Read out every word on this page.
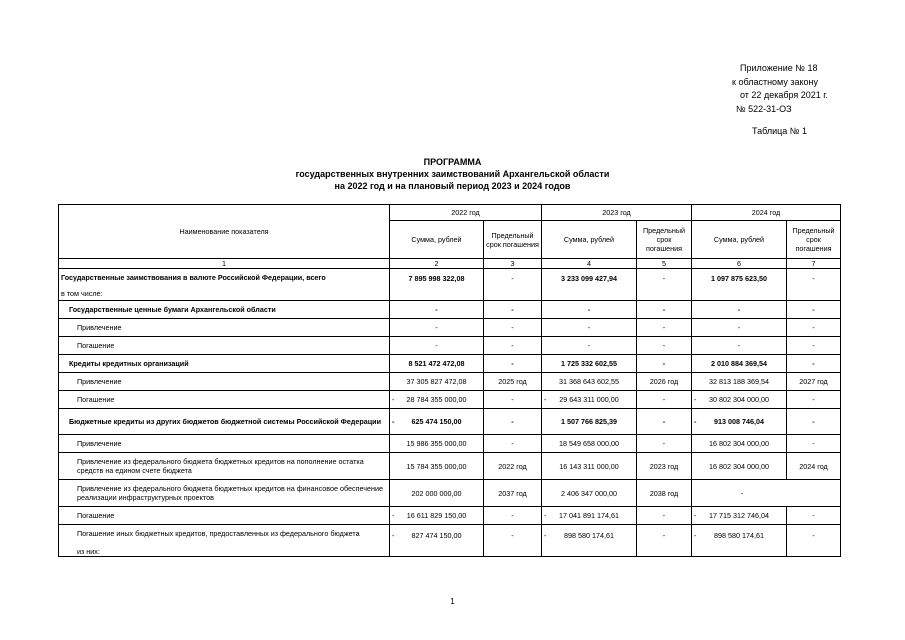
Приложение № 18
к областному закону
от 22 декабря 2021 г.
№ 522-31-ОЗ
Таблица № 1
ПРОГРАММА
государственных внутренних заимствований Архангельской области
на 2022 год и на плановый период 2023 и 2024 годов
Наименование показателя	2022 год		2023 год		2024 год	
	Сумма, рублей	Предельный срок погашения	Сумма, рублей	Предельный срок погашения	Сумма, рублей	Предельный срок погашения
1	2	3	4	5	6	7
Государственные заимствования в валюте Российской Федерации, всего	7 895 998 322,08	-	3 233 099 427,94	-	1 097 875 623,50	-
в том числе:						
Государственные ценные бумаги Архангельской области	-	-	-	-	-	-
Привлечение	-	-	-	-	-	-
Погашение	-	-	-	-	-	-
Кредиты кредитных организаций	8 521 472 472,08	-	1 725 332 602,55	-	2 010 884 369,54	-
Привлечение	37 305 827 472,08	2025 год	31 368 643 602,55	2026 год	32 813 188 369,54	2027 год
Погашение	- 28 784 355 000,00	-	- 29 643 311 000,00	-	- 30 802 304 000,00	-
Бюджетные кредиты из других бюджетов бюджетной системы Российской Федерации	- 625 474 150,00	-	1 507 766 825,39	-	- 913 008 746,04	-
Привлечение	15 986 355 000,00	-	18 549 658 000,00	-	16 802 304 000,00	-
Привлечение из федерального бюджета бюджетных кредитов на пополнение остатка средств на едином счете бюджета	15 784 355 000,00	2022 год	16 143 311 000,00	2023 год	16 802 304 000,00	2024 год
Привлечение из федерального бюджета бюджетных кредитов на финансовое обеспечение реализации инфраструктурных проектов	202 000 000,00	2037 год	2 406 347 000,00	2038 год	-	
Погашение	- 16 611 829 150,00	-	- 17 041 891 174,61	-	- 17 715 312 746,04	-
Погашение иных бюджетных кредитов, предоставленных из федерального бюджета	- 827 474 150,00	-	- 898 580 174,61	-	- 898 580 174,61	-
из них:						
1
